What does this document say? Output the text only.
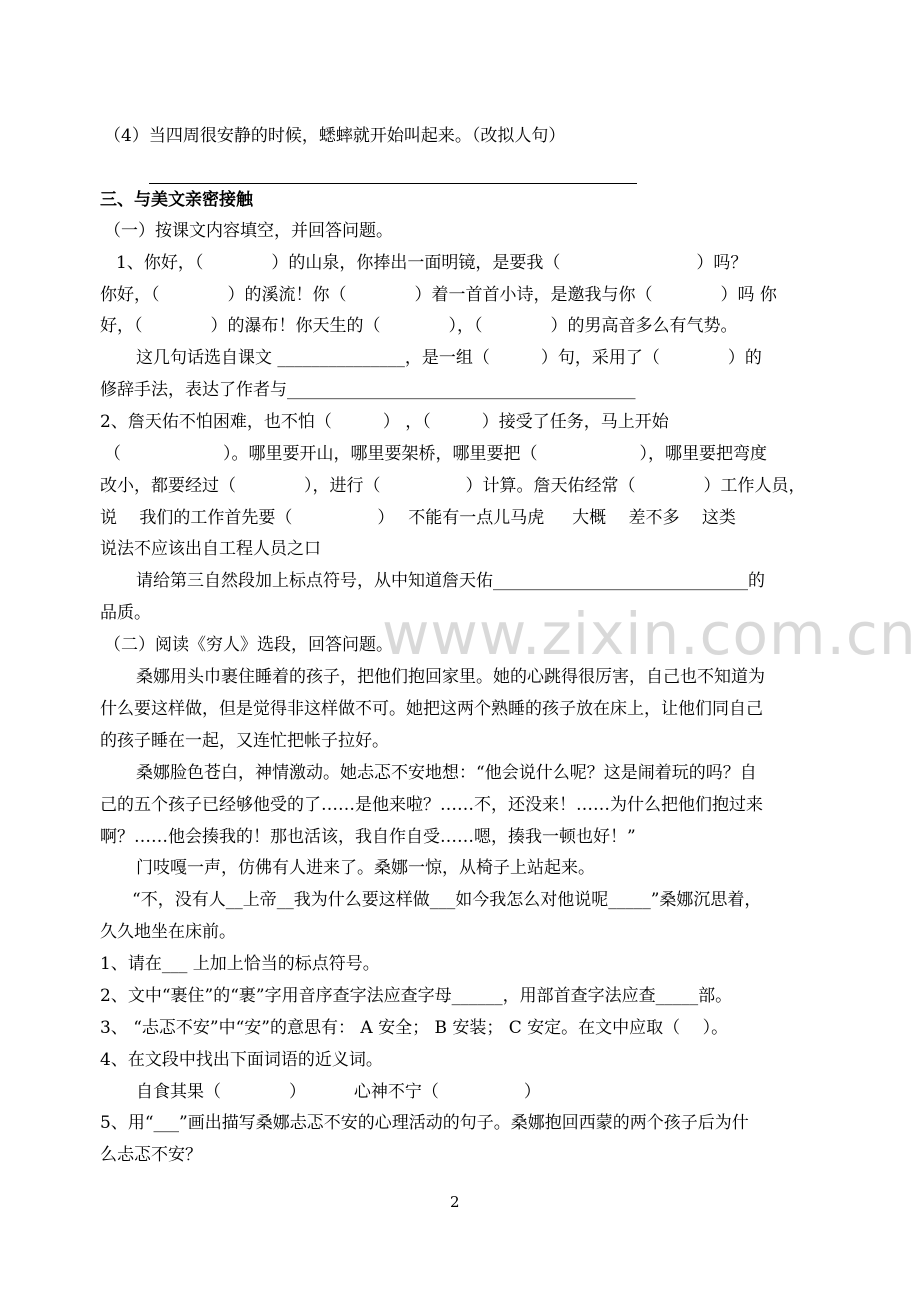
（4）当四周很安静的时候，蟋蟀就开始叫起来。（改拟人句）
三、与美文亲密接触
（一）按课文内容填空，并回答问题。
1、你好，（　　　　）的山泉，你捧出一面明镜，是要我（　　　　　　　　）吗？
你好，（　　　　）的溪流！你（　　　　）着一首首小诗，是邀我与你（　　　　）吗 你
好，（　　　　）的瀑布！你天生的（　　　　），（　　　　）的男高音多么有气势。
这几句话选自课文 _______________，是一组（　　　）句，采用了（　　　　）的
修辞手法，表达了作者与_________________________________________
2、詹天佑不怕困难，也不怕（　　　） ，（　　　）接受了任务，马上开始
（　　　　　　）。哪里要开山，哪里要架桥，哪里要把（　　　　　　），哪里要把弯度
改小，都要经过（　　　　），进行（　　　　　）计算。詹天佑经常（　　　　）工作人员，
说　 我们的工作首先要（　　　　　）　 不能有一点儿马虎 　 大概 　差不多 　这类
说法不应该出自工程人员之口
请给第三自然段加上标点符号，从中知道詹天佑______________________________的
品质。
（二）阅读《穷人》选段，回答问题。
桑娜用头巾裹住睡着的孩子，把他们抱回家里。她的心跳得很厉害，自己也不知道为
什么要这样做，但是觉得非这样做不可。她把这两个熟睡的孩子放在床上，让他们同自己
的孩子睡在一起，又连忙把帐子拉好。
桑娜脸色苍白，神情激动。她忐忑不安地想：“他会说什么呢？这是闹着玩的吗？自
己的五个孩子已经够他受的了……是他来啦？……不，还没来！……为什么把他们抱过来
啊？……他会揍我的！那也活该，我自作自受……嗯，揍我一顿也好！”
门吱嘎一声，仿佛有人进来了。桑娜一惊，从椅子上站起来。
“不，没有人__上帝__我为什么要这样做___如今我怎么对他说呢_____”桑娜沉思着，
久久地坐在床前。
1、请在___ 上加上恰当的标点符号。
2、文中“裹住”的“裹”字用音序查字法应查字母______，用部首查字法应查_____部。
3、 “忐忑不安”中“安”的意思有： A 安全； B 安装； C 安定。在文中应取（　 ）。
4、在文段中找出下面词语的近义词。
自食其果（　　　　）　　　 心神不宁（　　　　　）
5、用“___”画出描写桑娜忐忑不安的心理活动的句子。桑娜抱回西蒙的两个孩子后为什
么忐忑不安？
www.zixin.com.cn
2
